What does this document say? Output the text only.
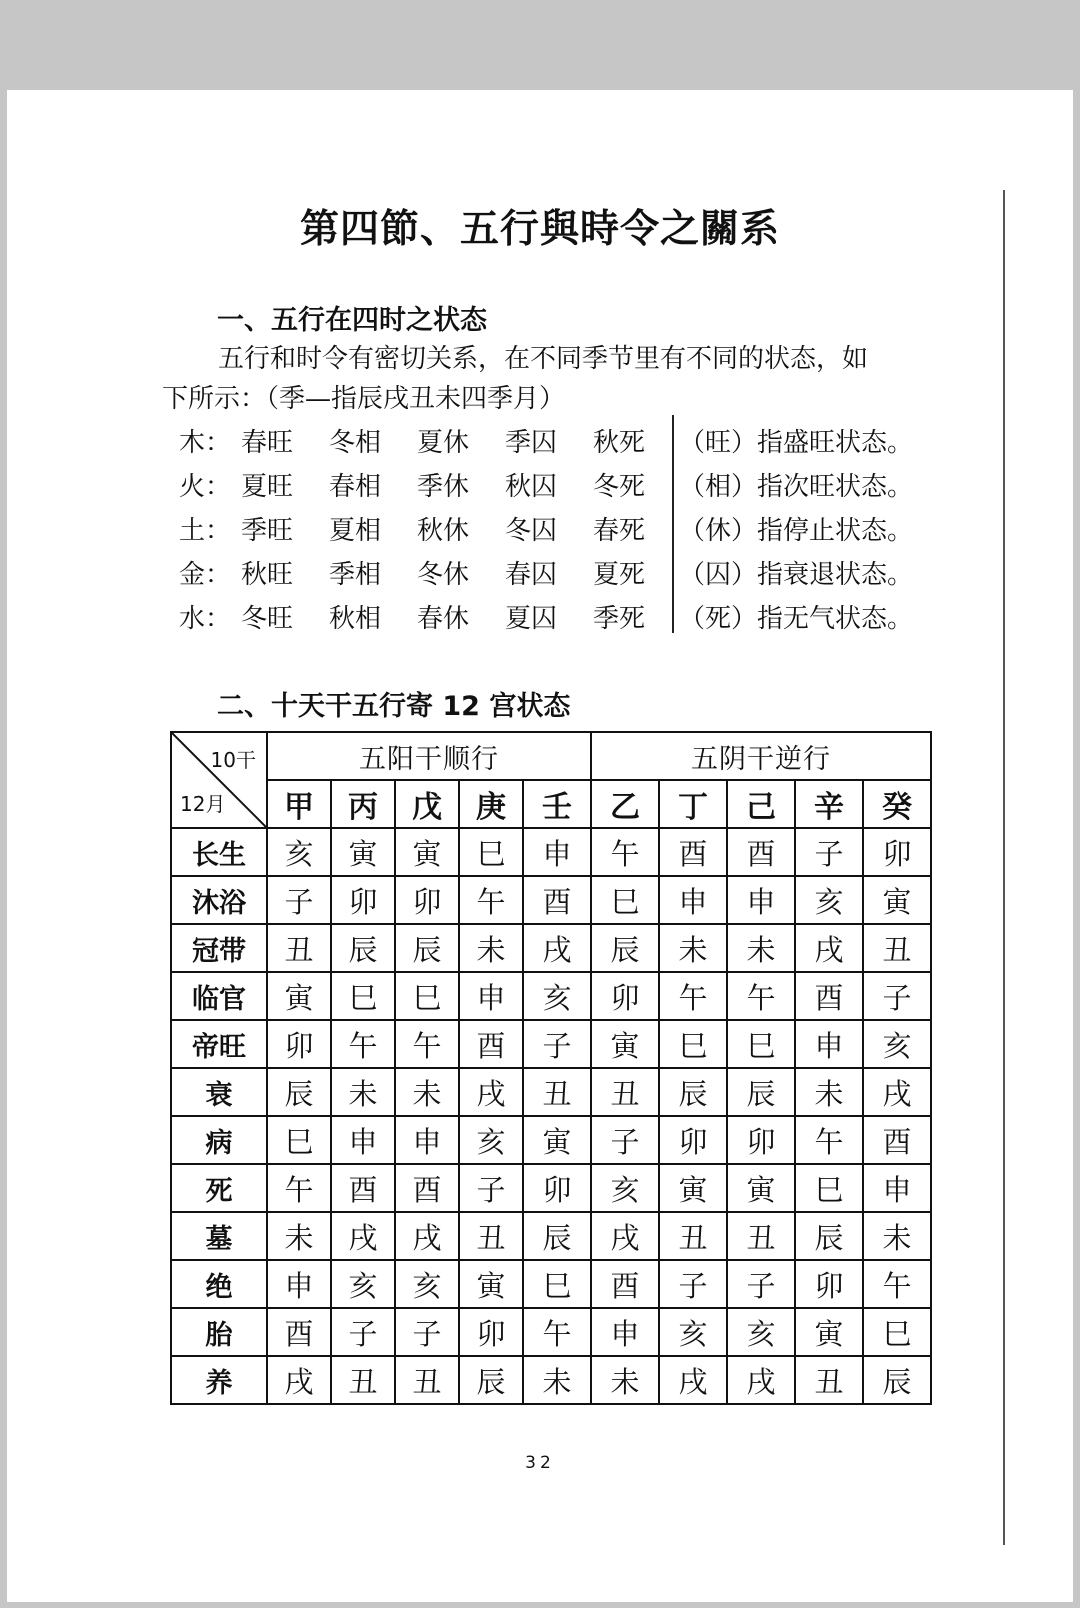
第四節、五行與時令之關系
一、五行在四时之状态
五行和时令有密切关系，在不同季节里有不同的状态，如
下所示：（季—指辰戌丑未四季月）
木： 春旺 冬相 夏休 季囚 秋死 （旺）指盛旺状态。
火： 夏旺 春相 季休 秋囚 冬死 （相）指次旺状态。
土： 季旺 夏相 秋休 冬囚 春死 （休）指停止状态。
金： 秋旺 季相 冬休 春囚 夏死 （囚）指衰退状态。
水： 冬旺 秋相 春休 夏囚 季死 （死）指无气状态。
二、十天干五行寄 12 宫状态
10干
12月	五阳干顺行					五阴干逆行				
	甲	丙	戊	庚	壬	乙	丁	己	辛	癸
长生	亥	寅	寅	巳	申	午	酉	酉	子	卯
沐浴	子	卯	卯	午	酉	巳	申	申	亥	寅
冠带	丑	辰	辰	未	戌	辰	未	未	戌	丑
临官	寅	巳	巳	申	亥	卯	午	午	酉	子
帝旺	卯	午	午	酉	子	寅	巳	巳	申	亥
衰	辰	未	未	戌	丑	丑	辰	辰	未	戌
病	巳	申	申	亥	寅	子	卯	卯	午	酉
死	午	酉	酉	子	卯	亥	寅	寅	巳	申
墓	未	戌	戌	丑	辰	戌	丑	丑	辰	未
绝	申	亥	亥	寅	巳	酉	子	子	卯	午
胎	酉	子	子	卯	午	申	亥	亥	寅	巳
养	戌	丑	丑	辰	未	未	戌	戌	丑	辰
32
